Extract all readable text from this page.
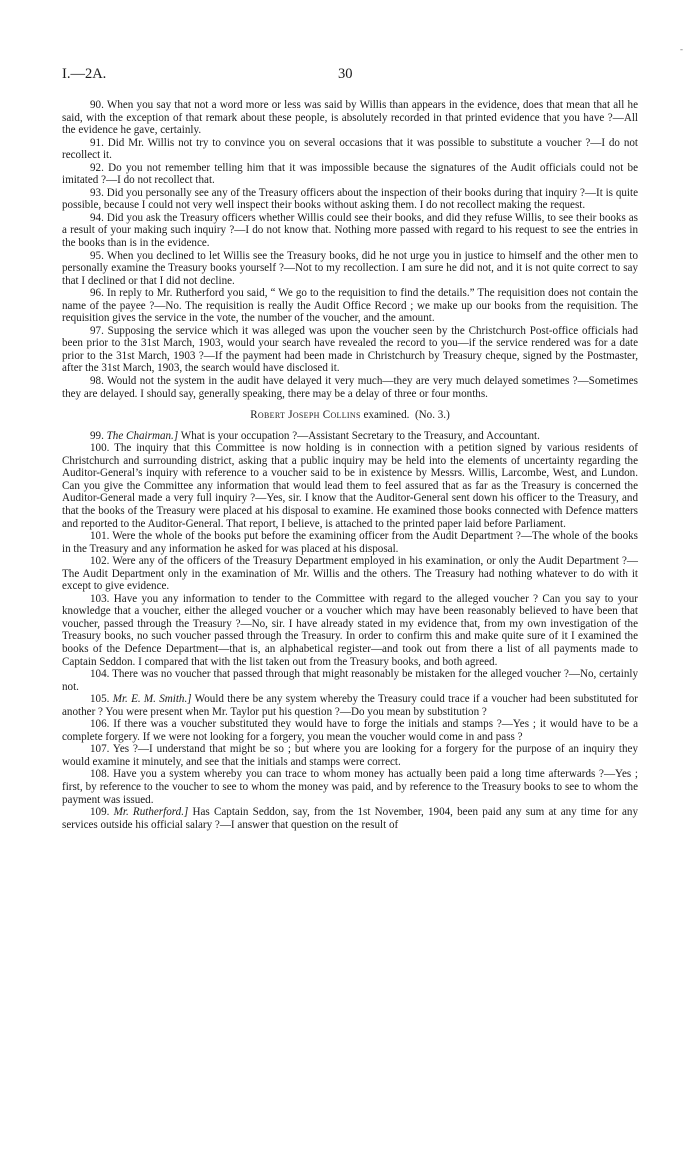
-
I.—2A.	30

90. When you say that not a word more or less was said by Willis than appears in the evidence, does that mean that all he said, with the exception of that remark about these people, is absolutely recorded in that printed evidence that you have ?—All the evidence he gave, certainly.

91. Did Mr. Willis not try to convince you on several occasions that it was possible to substitute a voucher ?—I do not recollect it.

92. Do you not remember telling him that it was impossible because the signatures of the Audit officials could not be imitated ?—I do not recollect that.

93. Did you personally see any of the Treasury officers about the inspection of their books during that inquiry ?—It is quite possible, because I could not very well inspect their books without asking them. I do not recollect making the request.

94. Did you ask the Treasury officers whether Willis could see their books, and did they refuse Willis, to see their books as a result of your making such inquiry ?—I do not know that. Nothing more passed with regard to his request to see the entries in the books than is in the evidence.

95. When you declined to let Willis see the Treasury books, did he not urge you in justice to himself and the other men to personally examine the Treasury books yourself ?—Not to my recollection. I am sure he did not, and it is not quite correct to say that I declined or that I did not decline.

96. In reply to Mr. Rutherford you said, “ We go to the requisition to find the details.” The requisition does not contain the name of the payee ?—No. The requisition is really the Audit Office Record ; we make up our books from the requisition. The requisition gives the service in the vote, the number of the voucher, and the amount.

97. Supposing the service which it was alleged was upon the voucher seen by the Christchurch Post-office officials had been prior to the 31st March, 1903, would your search have revealed the record to you—if the service rendered was for a date prior to the 31st March, 1903 ?—If the payment had been made in Christchurch by Treasury cheque, signed by the Postmaster, after the 31st March, 1903, the search would have disclosed it.

98. Would not the system in the audit have delayed it very much—they are very much delayed sometimes ?—Sometimes they are delayed. I should say, generally speaking, there may be a delay of three or four months.

Robert Joseph Collins examined. (No. 3.)

99. The Chairman.] What is your occupation ?—Assistant Secretary to the Treasury, and Accountant.

100. The inquiry that this Committee is now holding is in connection with a petition signed by various residents of Christchurch and surrounding district, asking that a public inquiry may be held into the elements of uncertainty regarding the Auditor-General’s inquiry with reference to a voucher said to be in existence by Messrs. Willis, Larcombe, West, and Lundon. Can you give the Committee any information that would lead them to feel assured that as far as the Treasury is concerned the Auditor-General made a very full inquiry ?—Yes, sir. I know that the Auditor-General sent down his officer to the Treasury, and that the books of the Treasury were placed at his disposal to examine. He examined those books connected with Defence matters and reported to the Auditor-General. That report, I believe, is attached to the printed paper laid before Parliament.

101. Were the whole of the books put before the examining officer from the Audit Department ?—The whole of the books in the Treasury and any information he asked for was placed at his disposal.

102. Were any of the officers of the Treasury Department employed in his examination, or only the Audit Department ?—The Audit Department only in the examination of Mr. Willis and the others. The Treasury had nothing whatever to do with it except to give evidence.

103. Have you any information to tender to the Committee with regard to the alleged voucher ? Can you say to your knowledge that a voucher, either the alleged voucher or a voucher which may have been reasonably believed to have been that voucher, passed through the Treasury ?—No, sir. I have already stated in my evidence that, from my own investigation of the Treasury books, no such voucher passed through the Treasury. In order to confirm this and make quite sure of it I examined the books of the Defence Department—that is, an alphabetical register—and took out from there a list of all payments made to Captain Seddon. I compared that with the list taken out from the Treasury books, and both agreed.

104. There was no voucher that passed through that might reasonably be mistaken for the alleged voucher ?—No, certainly not.

105. Mr. E. M. Smith.] Would there be any system whereby the Treasury could trace if a voucher had been substituted for another ? You were present when Mr. Taylor put his question ?—Do you mean by substitution ?

106. If there was a voucher substituted they would have to forge the initials and stamps ?—Yes ; it would have to be a complete forgery. If we were not looking for a forgery, you mean the voucher would come in and pass ?

107. Yes ?—I understand that might be so ; but where you are looking for a forgery for the purpose of an inquiry they would examine it minutely, and see that the initials and stamps were correct.

108. Have you a system whereby you can trace to whom money has actually been paid a long time afterwards ?—Yes ; first, by reference to the voucher to see to whom the money was paid, and by reference to the Treasury books to see to whom the payment was issued.

109. Mr. Rutherford.] Has Captain Seddon, say, from the 1st November, 1904, been paid any sum at any time for any services outside his official salary ?—I answer that question on the result of
